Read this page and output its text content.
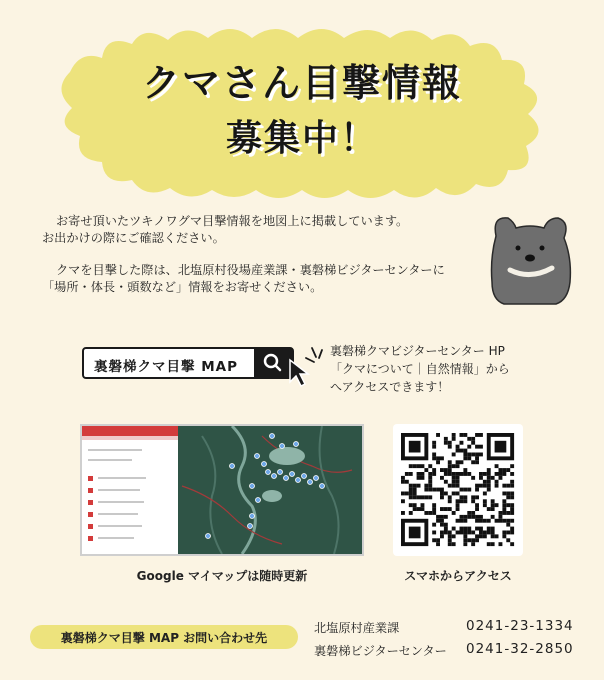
クマさん目撃情報
募集中！
お寄せ頂いたツキノワグマ目撃情報を地図上に掲載しています。
お出かけの際にご確認ください。
クマを目撃した際は、北塩原村役場産業課・裏磐梯ビジターセンターに
「場所・体長・頭数など」情報をお寄せください。
裏磐梯クマ目撃 MAP
裏磐梯クマビジターセンター HP
「クマについて｜自然情報」から
へアクセスできます！
Google マイマップは随時更新	スマホからアクセス
裏磐梯クマ目撃 MAP お問い合わせ先
北塩原村産業課	0241-23-1334
裏磐梯ビジターセンター 0241-32-2850
